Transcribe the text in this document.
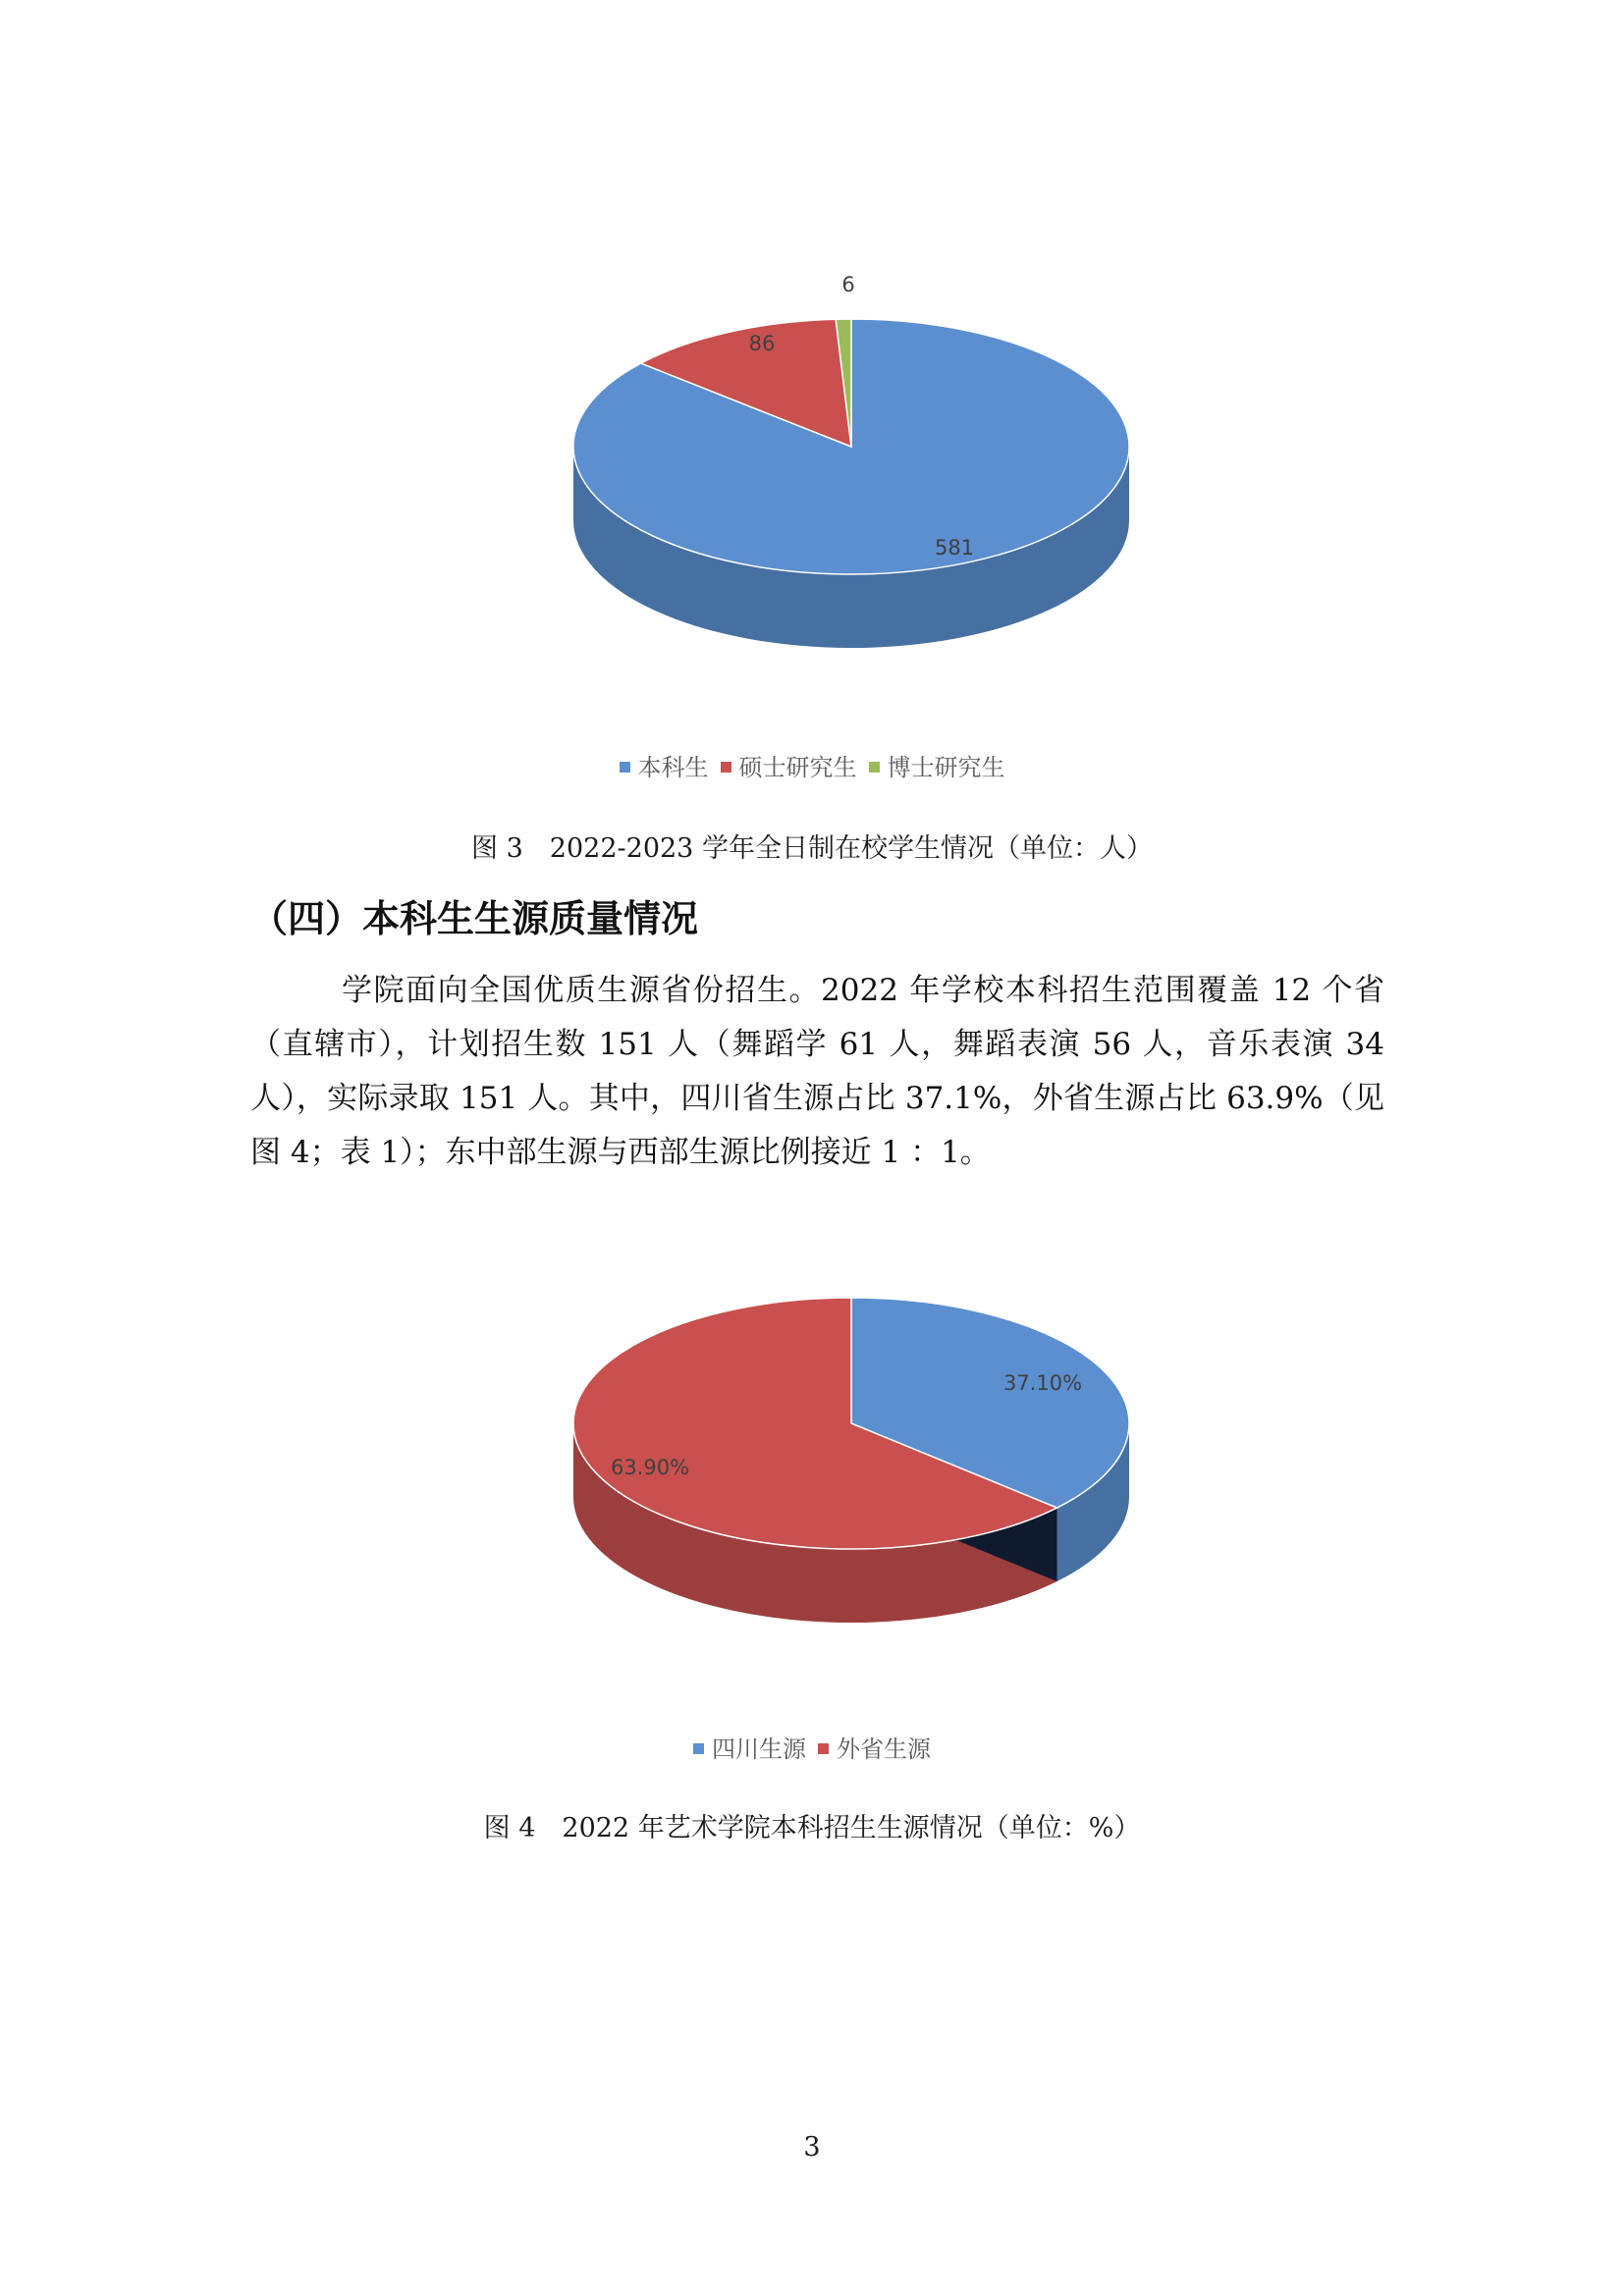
581
86
6
本科生 硕士研究生 博士研究生
图 3　2022-2023 学年全日制在校学生情况（单位：人）
（四）本科生生源质量情况

学院面向全国优质生源省份招生。2022 年学校本科招生范围覆盖 12 个省（直辖市），计划招生数 151 人（舞蹈学 61 人，舞蹈表演 56 人，音乐表演 34 人），实际录取 151 人。其中，四川省生源占比 37.1%，外省生源占比 63.9%（见图 4；表 1）；东中部生源与西部生源比例接近 1 ：1。

37.10%
63.90%
四川生源 外省生源
图 4　2022 年艺术学院本科招生生源情况（单位：%）
3
